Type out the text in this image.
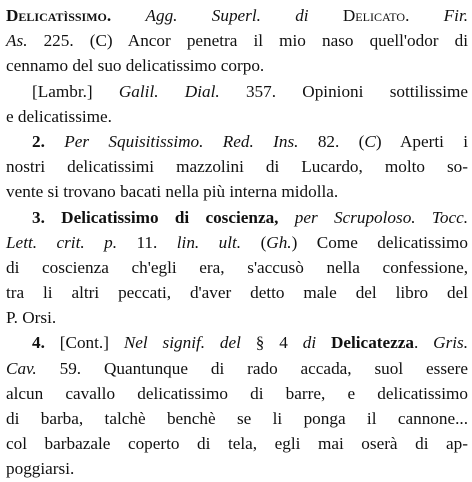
Delicatìssimo. Agg. Superl. di Delicato. Fir.
As. 225. (C) Ancor penetra il mio naso quell'odor di
cennamo del suo delicatissimo corpo.
[Lambr.] Galil. Dial. 357. Opinioni sottilissime
e delicatissime.
2. Per Squisitissimo. Red. Ins. 82. (C) Aperti i
nostri delicatissimi mazzolini di Lucardo, molto so-
vente si trovano bacati nella più interna midolla.
3. Delicatissimo di coscienza, per Scrupoloso. Tocc.
Lett. crit. p. 11. lin. ult. (Gh.) Come delicatissimo
di coscienza ch'egli era, s'accusò nella confessione,
tra li altri peccati, d'aver detto male del libro del
P. Orsi.
4. [Cont.] Nel signif. del § 4 di Delicatezza. Gris.
Cav. 59. Quantunque di rado accada, suol essere
alcun cavallo delicatissimo di barre, e delicatissimo
di barba, talchè benchè se li ponga il cannone...
col barbazale coperto di tela, egli mai oserà di ap-
poggiarsi.
